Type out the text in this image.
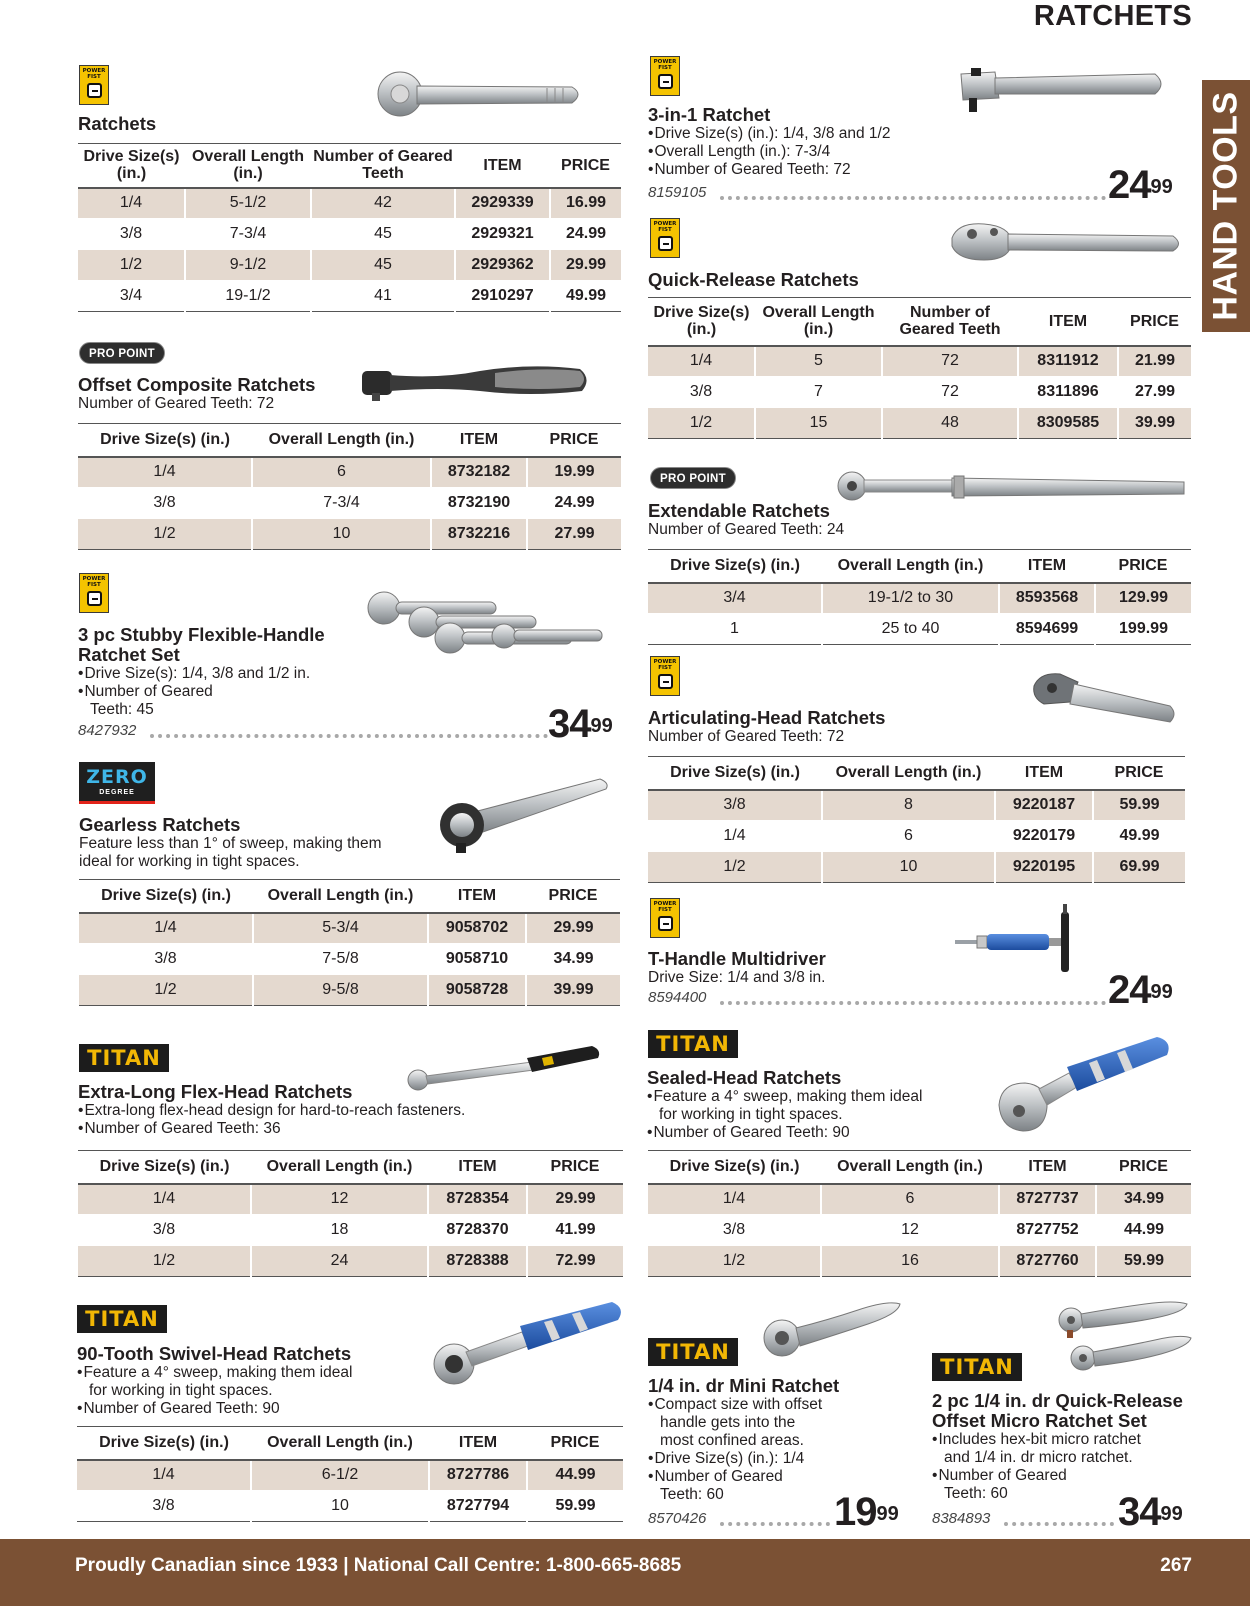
RATCHETS
HAND TOOLS
POWER
FIST
Ratchets
Drive Size(s) (in.)	Overall Length (in.)	Number of Geared Teeth	ITEM	PRICE
1/4	5-1/2	42	2929339	16.99
3/8	7-3/4	45	2929321	24.99
1/2	9-1/2	45	2929362	29.99
3/4	19-1/2	41	2910297	49.99
PRO POINT
Offset Composite Ratchets
Number of Geared Teeth: 72
Drive Size(s) (in.)	Overall Length (in.)	ITEM	PRICE
1/4	6	8732182	19.99
3/8	7-3/4	8732190	24.99
1/2	10	8732216	27.99
POWER
FIST
3 pc Stubby Flexible-Handle
Ratchet Set
• Drive Size(s): 1/4, 3/8 and 1/2 in.
• Number of Geared
Teeth: 45
8427932	$34^{99}$
ZERO
DEGREE
Gearless Ratchets
Feature less than 1° of sweep, making them
ideal for working in tight spaces.
Drive Size(s) (in.)	Overall Length (in.)	ITEM	PRICE
1/4	5-3/4	9058702	29.99
3/8	7-5/8	9058710	34.99
1/2	9-5/8	9058728	39.99
TITAN
Extra-Long Flex-Head Ratchets
• Extra-long flex-head design for hard-to-reach fasteners.
• Number of Geared Teeth: 36
Drive Size(s) (in.)	Overall Length (in.)	ITEM	PRICE
1/4	12	8728354	29.99
3/8	18	8728370	41.99
1/2	24	8728388	72.99
TITAN
90-Tooth Swivel-Head Ratchets
• Feature a 4° sweep, making them ideal
for working in tight spaces.
• Number of Geared Teeth: 90
Drive Size(s) (in.)	Overall Length (in.)	ITEM	PRICE
1/4	6-1/2	8727786	44.99
3/8	10	8727794	59.99
POWER
FIST
3-in-1 Ratchet
• Drive Size(s) (in.): 1/4, 3/8 and 1/2
• Overall Length (in.): 7-3/4
• Number of Geared Teeth: 72
8159105	$24^{99}$
POWER
FIST
Quick-Release Ratchets
Drive Size(s) (in.)	Overall Length (in.)	Number of Geared Teeth	ITEM	PRICE
1/4	5	72	8311912	21.99
3/8	7	72	8311896	27.99
1/2	15	48	8309585	39.99
PRO POINT
Extendable Ratchets
Number of Geared Teeth: 24
Drive Size(s) (in.)	Overall Length (in.)	ITEM	PRICE
3/4	19-1/2 to 30	8593568	129.99
1	25 to 40	8594699	199.99
POWER
FIST
Articulating-Head Ratchets
Number of Geared Teeth: 72
Drive Size(s) (in.)	Overall Length (in.)	ITEM	PRICE
3/8	8	9220187	59.99
1/4	6	9220179	49.99
1/2	10	9220195	69.99
POWER
FIST
T-Handle Multidriver
Drive Size: 1/4 and 3/8 in.
8594400	$24^{99}$
TITAN
Sealed-Head Ratchets
• Feature a 4° sweep, making them ideal
for working in tight spaces.
• Number of Geared Teeth: 90
Drive Size(s) (in.)	Overall Length (in.)	ITEM	PRICE
1/4	6	8727737	34.99
3/8	12	8727752	44.99
1/2	16	8727760	59.99
TITAN
1/4 in. dr Mini Ratchet
• Compact size with offset
handle gets into the
most confined areas.
• Drive Size(s) (in.): 1/4
• Number of Geared
Teeth: 60
8570426	$19^{99}$
TITAN
2 pc 1/4 in. dr Quick-Release
Offset Micro Ratchet Set
• Includes hex-bit micro ratchet
and 1/4 in. dr micro ratchet.
• Number of Geared
Teeth: 60
8384893	$34^{99}$
Proudly Canadian since 1933 | National Call Centre: 1-800-665-8685	267
